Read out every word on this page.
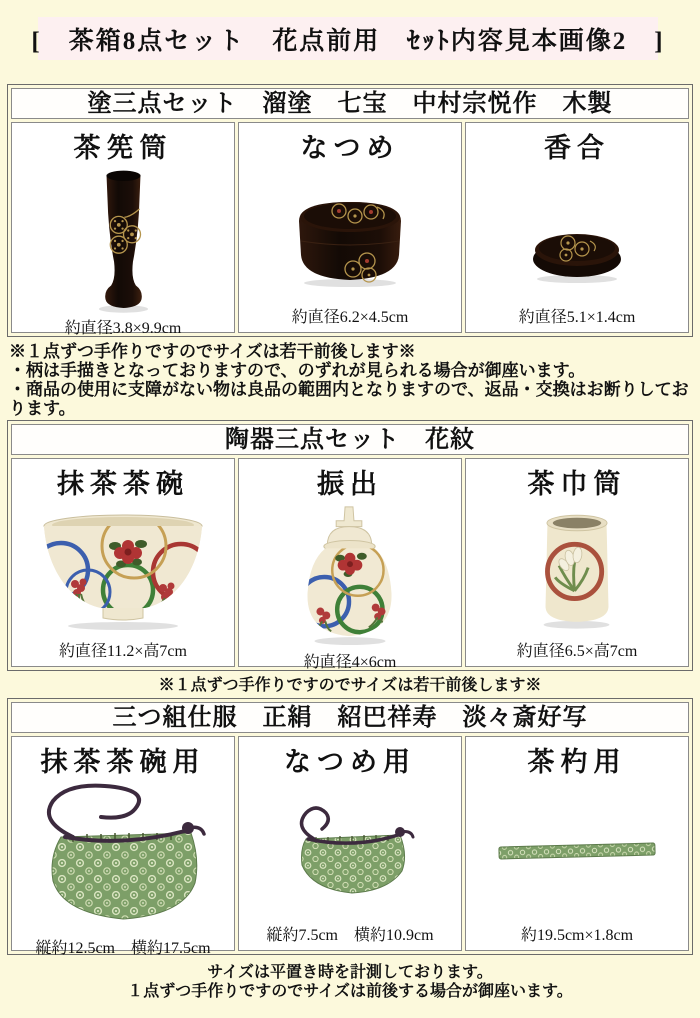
[　茶箱8点セット　花点前用　ｾｯﾄ内容見本画像2　]
塗三点セット　溜塗　七宝　中村宗悦作　木製
茶筅筒
約直径3.8×9.9cm
なつめ
約直径6.2×4.5cm
香合
約直径5.1×1.4cm
※１点ずつ手作りですのでサイズは若干前後します※
・柄は手描きとなっておりますので、のずれが見られる場合が御座います。
・商品の使用に支障がない物は良品の範囲内となりますので、返品・交換はお断りしております。
陶器三点セット　花紋
抹茶茶碗
約直径11.2×高7cm
振出
約直径4×6cm
茶巾筒
約直径6.5×高7cm
※１点ずつ手作りですのでサイズは若干前後します※
三つ組仕服　正絹　紹巴祥寿　淡々斎好写
抹茶茶碗用
縦約12.5cm　横約17.5cm
なつめ用
縦約7.5cm　横約10.9cm
茶杓用
約19.5cm×1.8cm
サイズは平置き時を計測しております。
１点ずつ手作りですのでサイズは前後する場合が御座います。
